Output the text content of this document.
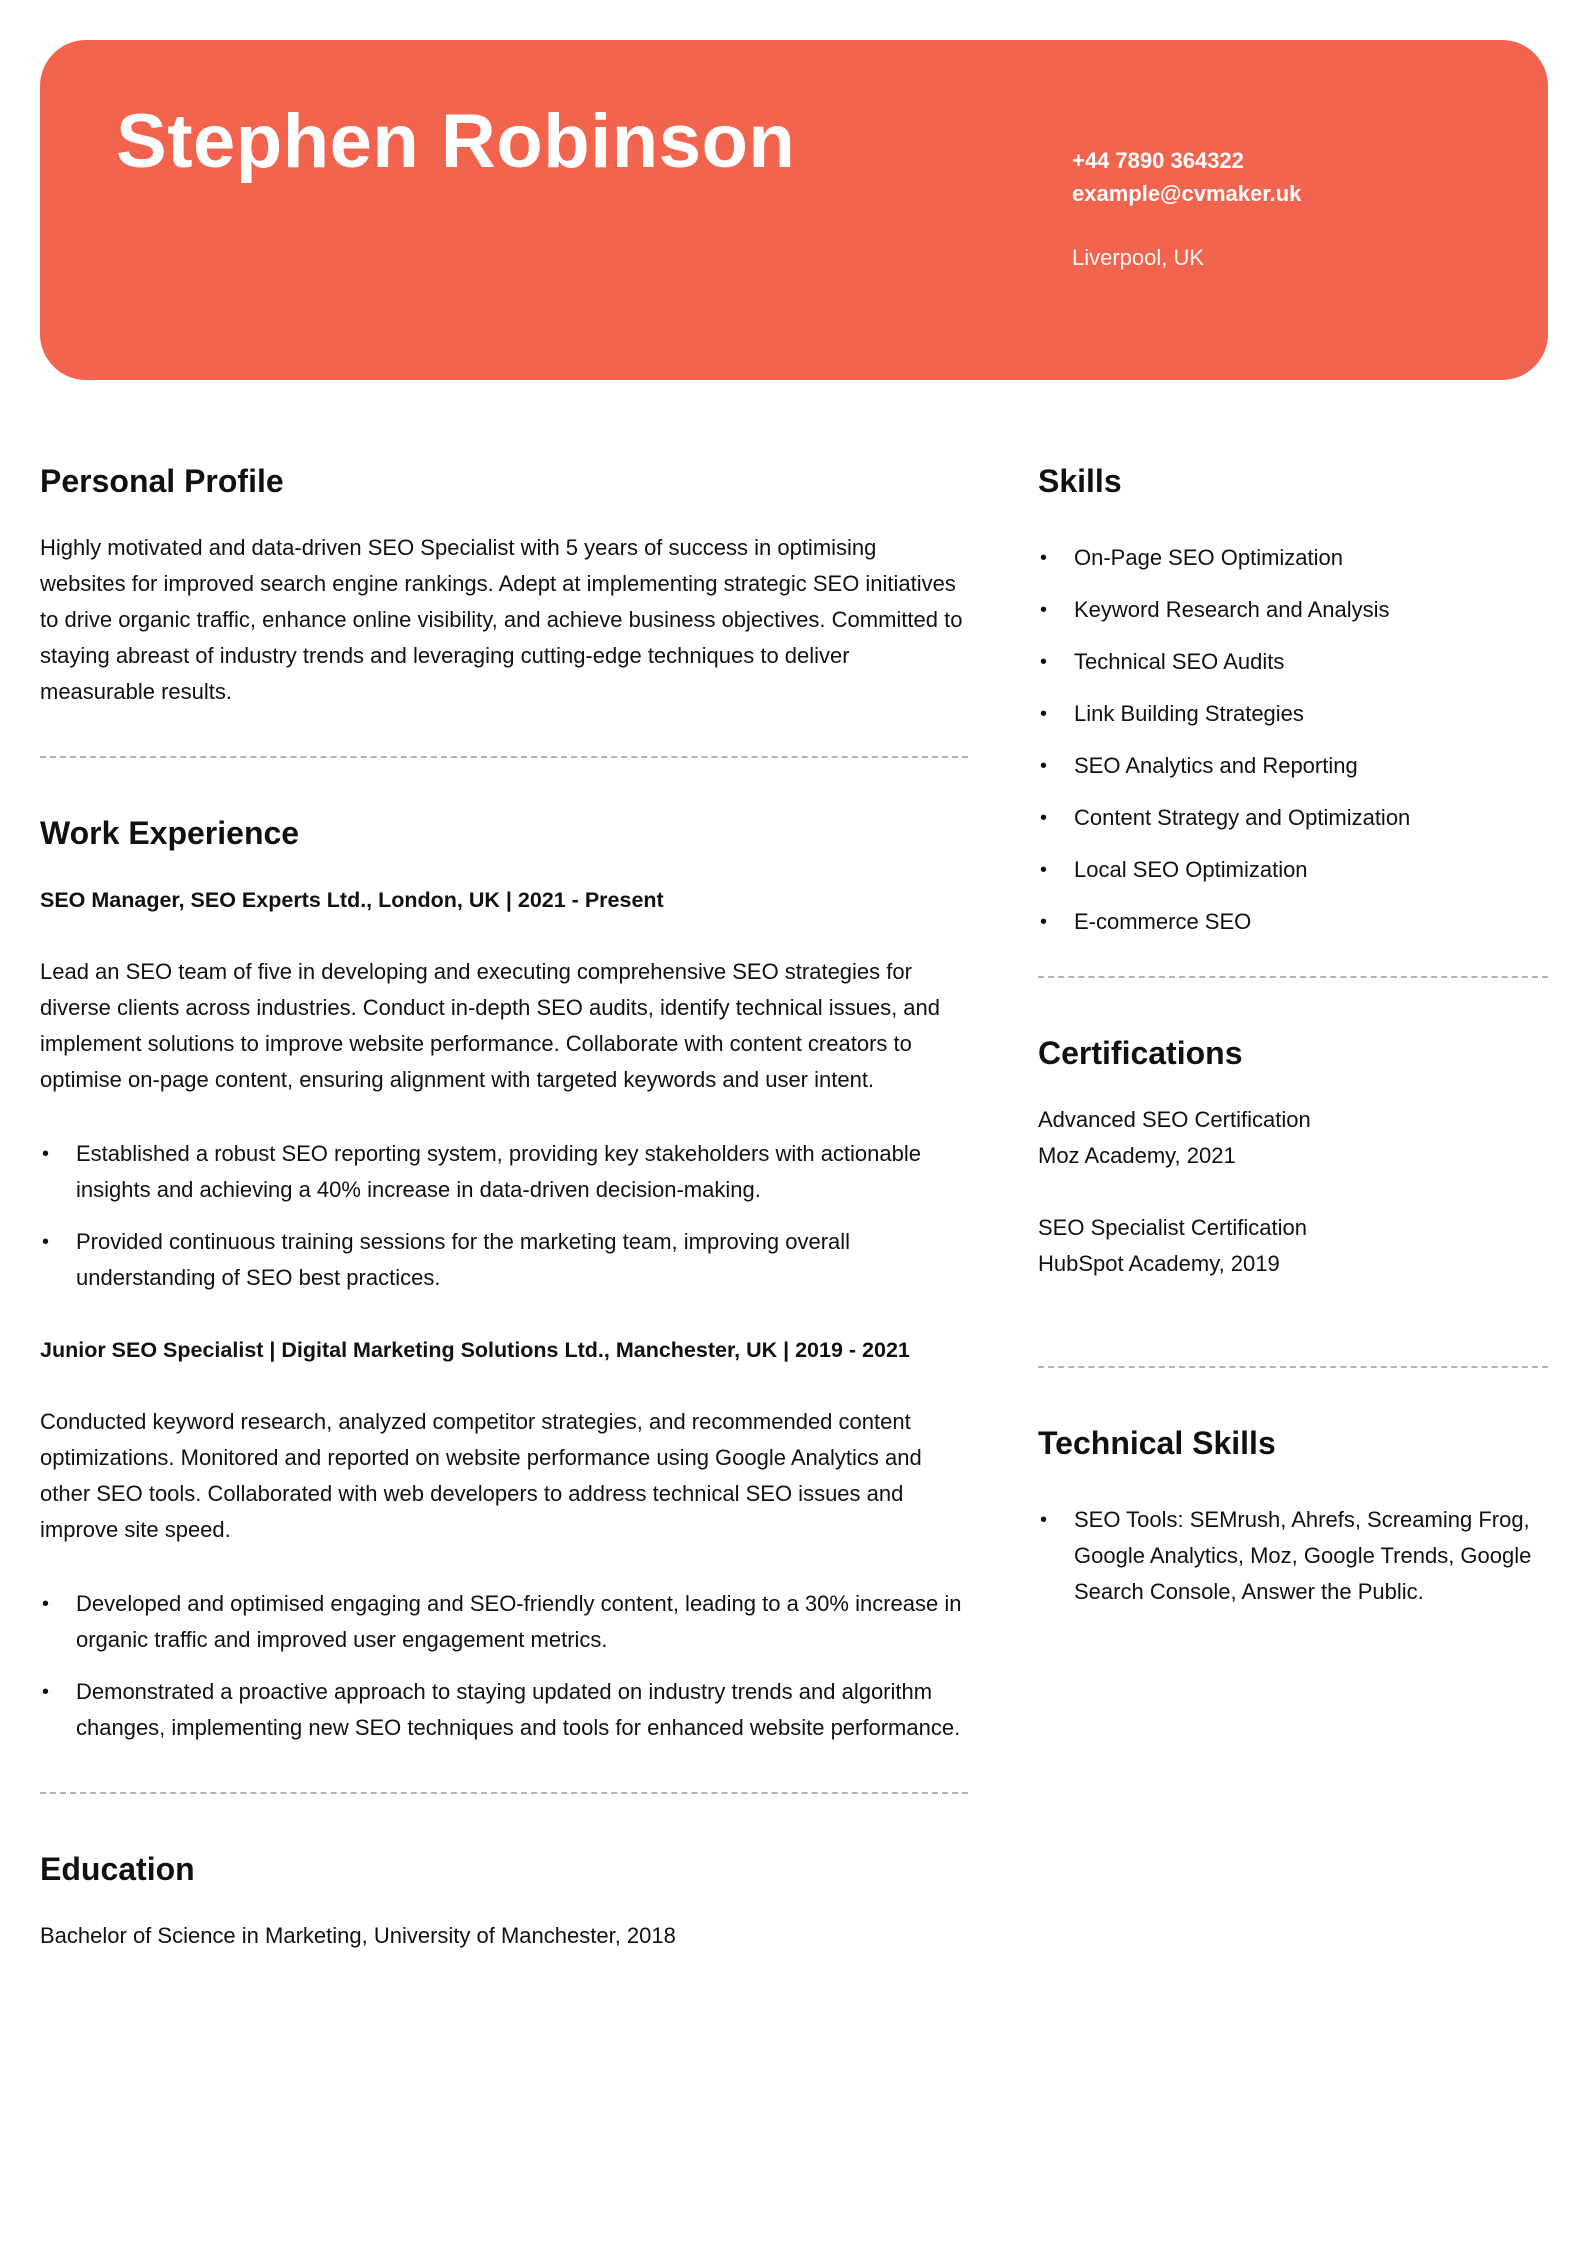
Stephen Robinson	+44 7890 364322
example@cvmaker.uk
Liverpool, UK
Personal Profile

Highly motivated and data-driven SEO Specialist with 5 years of success in optimising websites for improved search engine rankings. Adept at implementing strategic SEO initiatives to drive organic traffic, enhance online visibility, and achieve business objectives. Committed to staying abreast of industry trends and leveraging cutting-edge techniques to deliver measurable results.

Work Experience
SEO Manager, SEO Experts Ltd., London, UK | 2021 - Present

Lead an SEO team of five in developing and executing comprehensive SEO strategies for diverse clients across industries. Conduct in-depth SEO audits, identify technical issues, and implement solutions to improve website performance. Collaborate with content creators to optimise on-page content, ensuring alignment with targeted keywords and user intent.

• Established a robust SEO reporting system, providing key stakeholders with actionable insights and achieving a 40% increase in data-driven decision-making.
• Provided continuous training sessions for the marketing team, improving overall understanding of SEO best practices.
Junior SEO Specialist | Digital Marketing Solutions Ltd., Manchester, UK | 2019 - 2021

Conducted keyword research, analyzed competitor strategies, and recommended content optimizations. Monitored and reported on website performance using Google Analytics and other SEO tools. Collaborated with web developers to address technical SEO issues and improve site speed.

• Developed and optimised engaging and SEO-friendly content, leading to a 30% increase in organic traffic and improved user engagement metrics.
• Demonstrated a proactive approach to staying updated on industry trends and algorithm changes, implementing new SEO techniques and tools for enhanced website performance.
Education

Bachelor of Science in Marketing, University of Manchester, 2018

Skills
• On-Page SEO Optimization
• Keyword Research and Analysis
• Technical SEO Audits
• Link Building Strategies
• SEO Analytics and Reporting
• Content Strategy and Optimization
• Local SEO Optimization
• E-commerce SEO
Certifications

Advanced SEO Certification

Moz Academy, 2021

SEO Specialist Certification

HubSpot Academy, 2019

Technical Skills
• SEO Tools: SEMrush, Ahrefs, Screaming Frog, Google Analytics, Moz, Google Trends, Google Search Console, Answer the Public.
